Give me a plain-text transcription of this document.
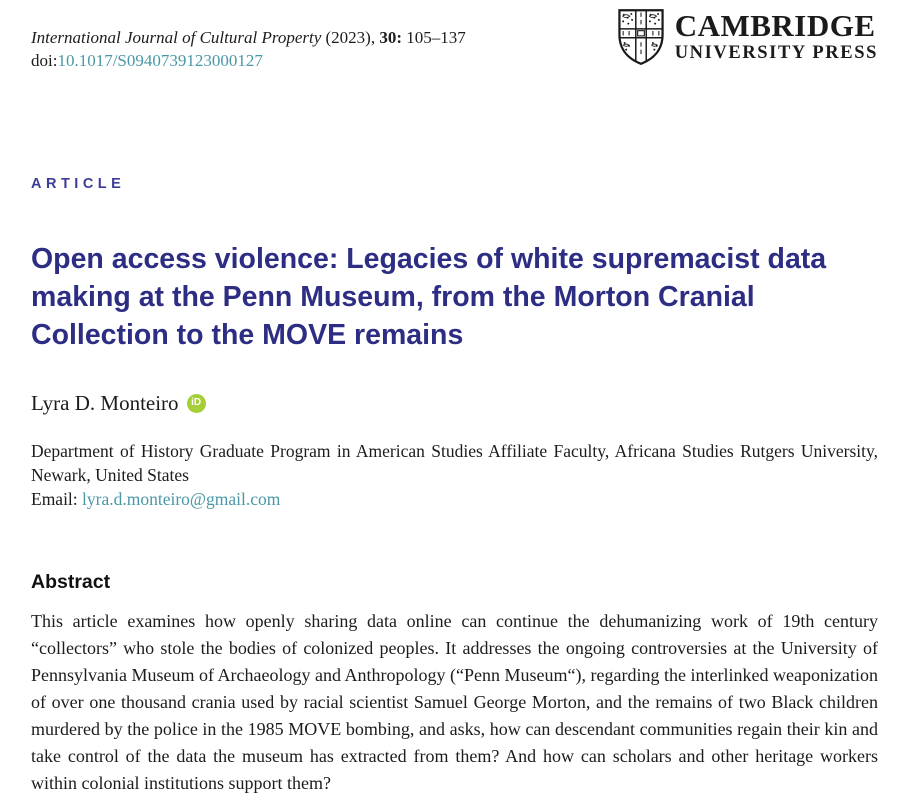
International Journal of Cultural Property (2023), 30: 105–137
doi:10.1017/S0940739123000127
CAMBRIDGE
UNIVERSITY PRESS
ARTICLE
Open access violence: Legacies of white supremacist data making at the Penn Museum, from the Morton Cranial Collection to the MOVE remains
Lyra D. Monteiro	iD
Department of History Graduate Program in American Studies Affiliate Faculty, Africana Studies Rutgers University, Newark, United States
Email: lyra.d.monteiro@gmail.com
Abstract

This article examines how openly sharing data online can continue the dehumanizing work of 19th century “collectors” who stole the bodies of colonized peoples. It addresses the ongoing controversies at the University of Pennsylvania Museum of Archaeology and Anthropology (“Penn Museum“), regarding the interlinked weaponization of over one thousand crania used by racial scientist Samuel George Morton, and the remains of two Black children murdered by the police in the 1985 MOVE bombing, and asks, how can descendant communities regain their kin and take control of the data the museum has extracted from them? And how can scholars and other heritage workers within colonial institutions support them?
